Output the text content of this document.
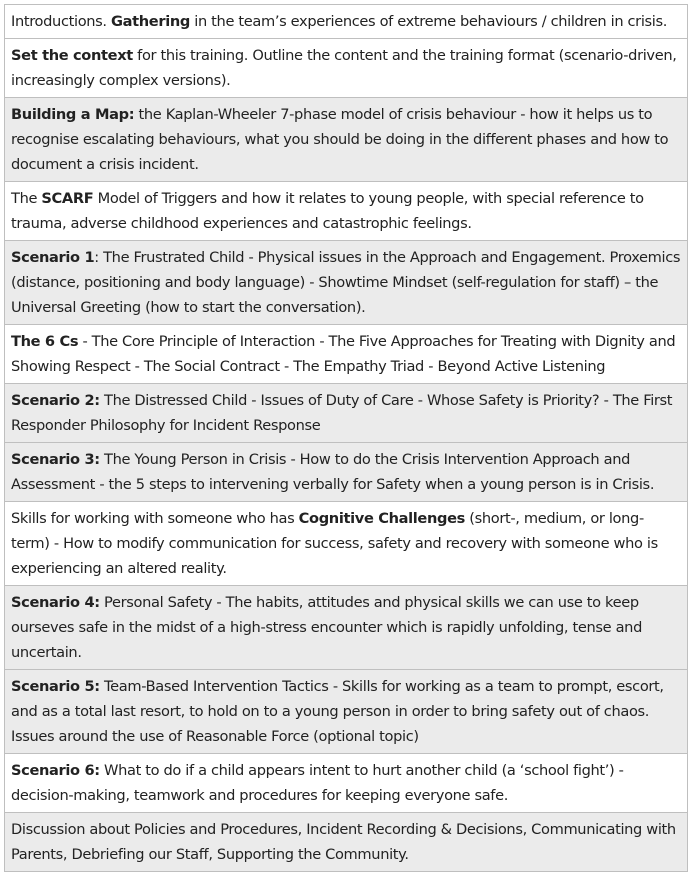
Introductions. Gathering in the team’s experiences of extreme behaviours / children in crisis.
Set the context for this training. Outline the content and the training format (scenario-driven, increasingly complex versions).
Building a Map: the Kaplan-Wheeler 7-phase model of crisis behaviour - how it helps us to recognise escalating behaviours, what you should be doing in the different phases and how to document a crisis incident.
The SCARF Model of Triggers and how it relates to young people, with special reference to trauma, adverse childhood experiences and catastrophic feelings.
Scenario 1: The Frustrated Child - Physical issues in the Approach and Engagement. Proxemics (distance, positioning and body language) - Showtime Mindset (self-regulation for staff) – the Universal Greeting (how to start the conversation).
The 6 Cs - The Core Principle of Interaction - The Five Approaches for Treating with Dignity and Showing Respect - The Social Contract - The Empathy Triad - Beyond Active Listening
Scenario 2: The Distressed Child - Issues of Duty of Care - Whose Safety is Priority? - The First Responder Philosophy for Incident Response
Scenario 3: The Young Person in Crisis - How to do the Crisis Intervention Approach and Assessment - the 5 steps to intervening verbally for Safety when a young person is in Crisis.
Skills for working with someone who has Cognitive Challenges (short-, medium, or long-term) - How to modify communication for success, safety and recovery with someone who is experiencing an altered reality.
Scenario 4: Personal Safety - The habits, attitudes and physical skills we can use to keep ourseves safe in the midst of a high-stress encounter which is rapidly unfolding, tense and uncertain.
Scenario 5: Team-Based Intervention Tactics - Skills for working as a team to prompt, escort, and as a total last resort, to hold on to a young person in order to bring safety out of chaos. Issues around the use of Reasonable Force (optional topic)
Scenario 6: What to do if a child appears intent to hurt another child (a ‘school fight’) - decision-making, teamwork and procedures for keeping everyone safe.
Discussion about Policies and Procedures, Incident Recording & Decisions, Communicating with Parents, Debriefing our Staff, Supporting the Community.
